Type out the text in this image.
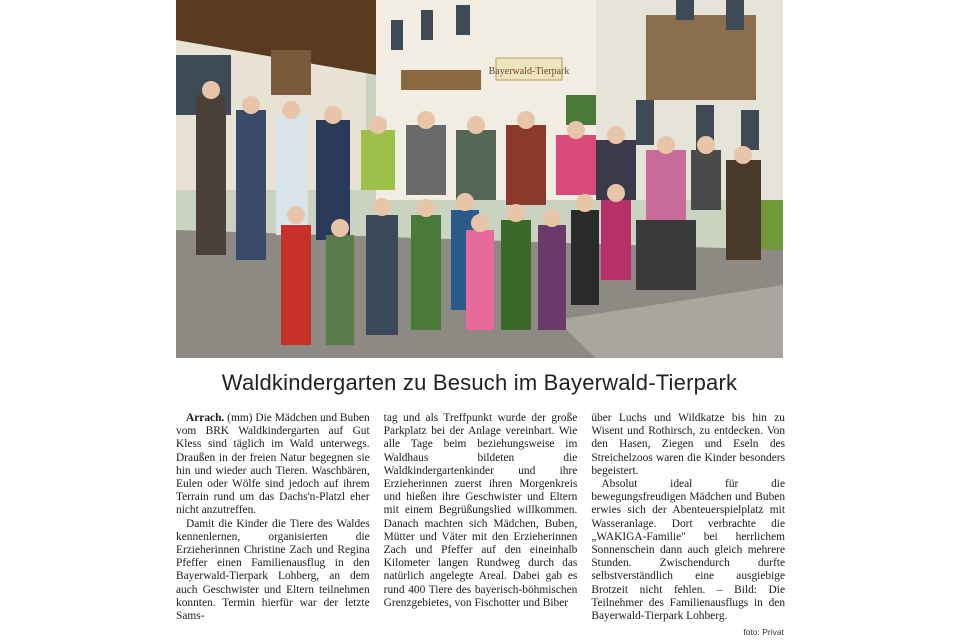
Bayerwald-Tierpark
Waldkindergarten zu Besuch im Bayerwald-Tierpark

Arrach. (mm) Die Mädchen und Buben vom BRK Waldkindergarten auf Gut Kless sind täglich im Wald unterwegs. Draußen in der freien Natur begegnen sie hin und wieder auch Tieren. Waschbären, Eulen oder Wölfe sind jedoch auf ihrem Terrain rund um das Dachs'n-Platzl eher nicht anzutreffen.

Damit die Kinder die Tiere des Waldes kennenlernen, organisierten die Erzieherinnen Christine Zach und Regina Pfeffer einen Familienausflug in den Bayerwald-Tierpark Lohberg, an dem auch Geschwister und Eltern teilnehmen konnten. Termin hierfür war der letzte Sams-

tag und als Treffpunkt wurde der große Parkplatz bei der Anlage vereinbart. Wie alle Tage beim beziehungsweise im Waldhaus bildeten die Waldkindergartenkinder und ihre Erzieherinnen zuerst ihren Morgenkreis und hießen ihre Geschwister und Eltern mit einem Begrüßungslied willkommen. Danach machten sich Mädchen, Buben, Mütter und Väter mit den Erzieherinnen Zach und Pfeffer auf den eineinhalb Kilometer langen Rundweg durch das natürlich angelegte Areal. Dabei gab es rund 400 Tiere des bayerisch-böhmischen Grenzgebietes, von Fischotter und Biber

über Luchs und Wildkatze bis hin zu Wisent und Rothirsch, zu entdecken. Von den Hasen, Ziegen und Eseln des Streichelzoos waren die Kinder besonders begeistert.

Absolut ideal für die bewegungsfreudigen Mädchen und Buben erwies sich der Abenteuerspielplatz mit Wasseranlage. Dort verbrachte die „WAKIGA-Familie" bei herrlichem Sonnenschein dann auch gleich mehrere Stunden. Zwischendurch durfte selbstverständlich eine ausgiebige Brotzeit nicht fehlen. – Bild: Die Teilnehmer des Familienausflugs in den Bayerwald-Tierpark Lohberg.

foto: Privat
